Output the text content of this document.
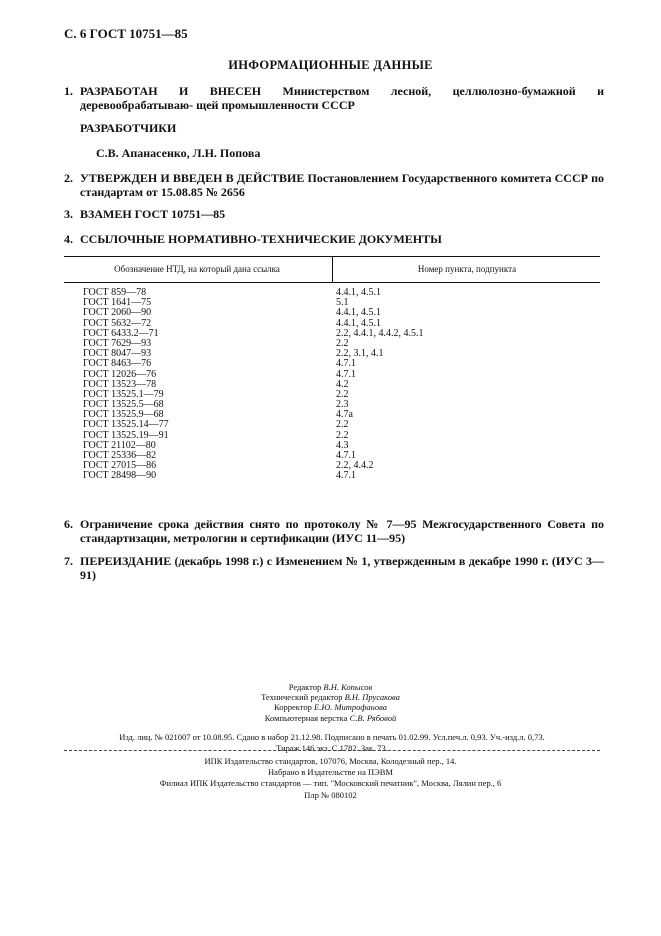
С. 6 ГОСТ 10751—85
ИНФОРМАЦИОННЫЕ ДАННЫЕ
1. РАЗРАБОТАН И ВНЕСЕН Министерством лесной, целлюлозно-бумажной и деревообрабатываю- щей промышленности СССР
РАЗРАБОТЧИКИ
С.В. Апанасенко, Л.Н. Попова
2. УТВЕРЖДЕН И ВВЕДЕН В ДЕЙСТВИЕ Постановлением Государственного комитета СССР по стандартам от 15.08.85 № 2656
3. ВЗАМЕН ГОСТ 10751—85
4. ССЫЛОЧНЫЕ НОРМАТИВНО-ТЕХНИЧЕСКИЕ ДОКУМЕНТЫ
Обозначение НТД, на который дана ссылка	Номер пункта, подпункта
ГОСТ 859—78	4.4.1, 4.5.1
ГОСТ 1641—75	5.1
ГОСТ 2060—90	4.4.1, 4.5.1
ГОСТ 5632—72	4.4.1, 4.5.1
ГОСТ 6433.2—71	2.2, 4.4.1, 4.4.2, 4.5.1
ГОСТ 7629—93	2.2
ГОСТ 8047—93	2.2, 3.1, 4.1
ГОСТ 8463—76	4.7.1
ГОСТ 12026—76	4.7.1
ГОСТ 13523—78	4.2
ГОСТ 13525.1—79	2.2
ГОСТ 13525.5—68	2.3
ГОСТ 13525.9—68	4.7а
ГОСТ 13525.14—77	2.2
ГОСТ 13525.19—91	2.2
ГОСТ 21102—80	4.3
ГОСТ 25336—82	4.7.1
ГОСТ 27015—86	2.2, 4.4.2
ГОСТ 28498—90	4.7.1
6. Ограничение срока действия снято по протоколу № 7—95 Межгосударственного Совета по стандартизации, метрологии и сертификации (ИУС 11—95)
7. ПЕРЕИЗДАНИЕ (декабрь 1998 г.) с Изменением № 1, утвержденным в декабре 1990 г. (ИУС 3—91)
Редактор В.Н. Копысов
Технический редактор В.Н. Прусакова
Корректор Е.Ю. Митрофанова
Компьютерная верстка С.В. Рябовой
Изд. лиц. № 021007 от 10.08.95. Сдано в набор 21.12.98. Подписано в печать 01.02.99. Усл.печ.л. 0,93. Уч.-изд.л. 0,73.
Тираж 146 экз. С 1782. Зак. 73.
ИПК Издательство стандартов, 107076, Москва, Колодезный пер., 14.
Набрано в Издательстве на ПЭВМ
Филиал ИПК Издательство стандартов — тип. "Московский печатник", Москва, Лялин пер., 6
Плр № 080102
